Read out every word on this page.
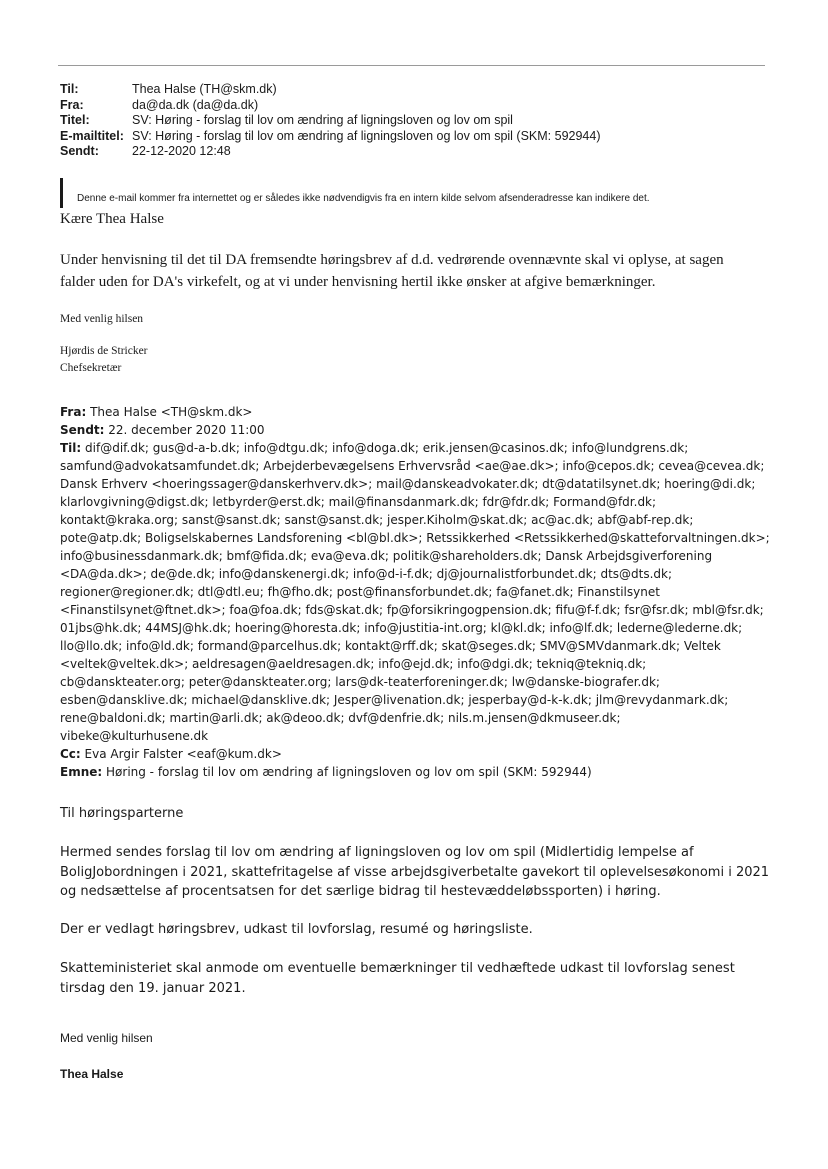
Til:	Thea Halse (TH@skm.dk)
Fra:	da@da.dk (da@da.dk)
Titel:	SV: Høring - forslag til lov om ændring af ligningsloven og lov om spil
E-mailtitel: SV: Høring - forslag til lov om ændring af ligningsloven og lov om spil (SKM: 592944)
Sendt:	22-12-2020 12:48
Denne e-mail kommer fra internettet og er således ikke nødvendigvis fra en intern kilde selvom afsenderadresse kan indikere det.
Kære Thea Halse
Under henvisning til det til DA fremsendte høringsbrev af d.d. vedrørende ovennævnte skal vi oplyse, at sagen falder uden for DA's virkefelt, og at vi under henvisning hertil ikke ønsker at afgive bemærkninger.
Med venlig hilsen
Hjørdis de Stricker
Chefsekretær

Fra: Thea Halse <TH@skm.dk>

Sendt: 22. december 2020 11:00

Til: dif@dif.dk; gus@d-a-b.dk; info@dtgu.dk; info@doga.dk; erik.jensen@casinos.dk; info@lundgrens.dk; samfund@advokatsamfundet.dk; Arbejderbevægelsens Erhvervsråd <ae@ae.dk>; info@cepos.dk; cevea@cevea.dk; Dansk Erhverv <hoeringssager@danskerhverv.dk>; mail@danskeadvokater.dk; dt@datatilsynet.dk; hoering@di.dk; klarlovgivning@digst.dk; letbyrder@erst.dk; mail@finansdanmark.dk; fdr@fdr.dk; Formand@fdr.dk; kontakt@kraka.org; sanst@sanst.dk; sanst@sanst.dk; jesper.Kiholm@skat.dk; ac@ac.dk; abf@abf-rep.dk; pote@atp.dk; Boligselskabernes Landsforening <bl@bl.dk>; Retssikkerhed <Retssikkerhed@skatteforvaltningen.dk>; info@businessdanmark.dk; bmf@fida.dk; eva@eva.dk; politik@shareholders.dk; Dansk Arbejdsgiverforening <DA@da.dk>; de@de.dk; info@danskenergi.dk; info@d-i-f.dk; dj@journalistforbundet.dk; dts@dts.dk; regioner@regioner.dk; dtl@dtl.eu; fh@fho.dk; post@finansforbundet.dk; fa@fanet.dk; Finanstilsynet <Finanstilsynet@ftnet.dk>; foa@foa.dk; fds@skat.dk; fp@forsikringogpension.dk; fifu@f-f.dk; fsr@fsr.dk; mbl@fsr.dk; 01jbs@hk.dk; 44MSJ@hk.dk; hoering@horesta.dk; info@justitia-int.org; kl@kl.dk; info@lf.dk; lederne@lederne.dk; llo@llo.dk; info@ld.dk; formand@parcelhus.dk; kontakt@rff.dk; skat@seges.dk; SMV@SMVdanmark.dk; Veltek <veltek@veltek.dk>; aeldresagen@aeldresagen.dk; info@ejd.dk; info@dgi.dk; tekniq@tekniq.dk; cb@danskteater.org; peter@danskteater.org; lars@dk-teaterforeninger.dk; lw@danske-biografer.dk; esben@dansklive.dk; michael@dansklive.dk; Jesper@livenation.dk; jesperbay@d-k-k.dk; jlm@revydanmark.dk; rene@baldoni.dk; martin@arli.dk; ak@deoo.dk; dvf@denfrie.dk; nils.m.jensen@dkmuseer.dk; vibeke@kulturhusene.dk

Cc: Eva Argir Falster <eaf@kum.dk>

Emne: Høring - forslag til lov om ændring af ligningsloven og lov om spil (SKM: 592944)

Til høringsparterne
Hermed sendes forslag til lov om ændring af ligningsloven og lov om spil (Midlertidig lempelse af BoligJobordningen i 2021, skattefritagelse af visse arbejdsgiverbetalte gavekort til oplevelsesøkonomi i 2021 og nedsættelse af procentsatsen for det særlige bidrag til hestevæddeløbssporten) i høring.
Der er vedlagt høringsbrev, udkast til lovforslag, resumé og høringsliste.
Skatteministeriet skal anmode om eventuelle bemærkninger til vedhæftede udkast til lovforslag senest tirsdag den 19. januar 2021.
Med venlig hilsen
Thea Halse
